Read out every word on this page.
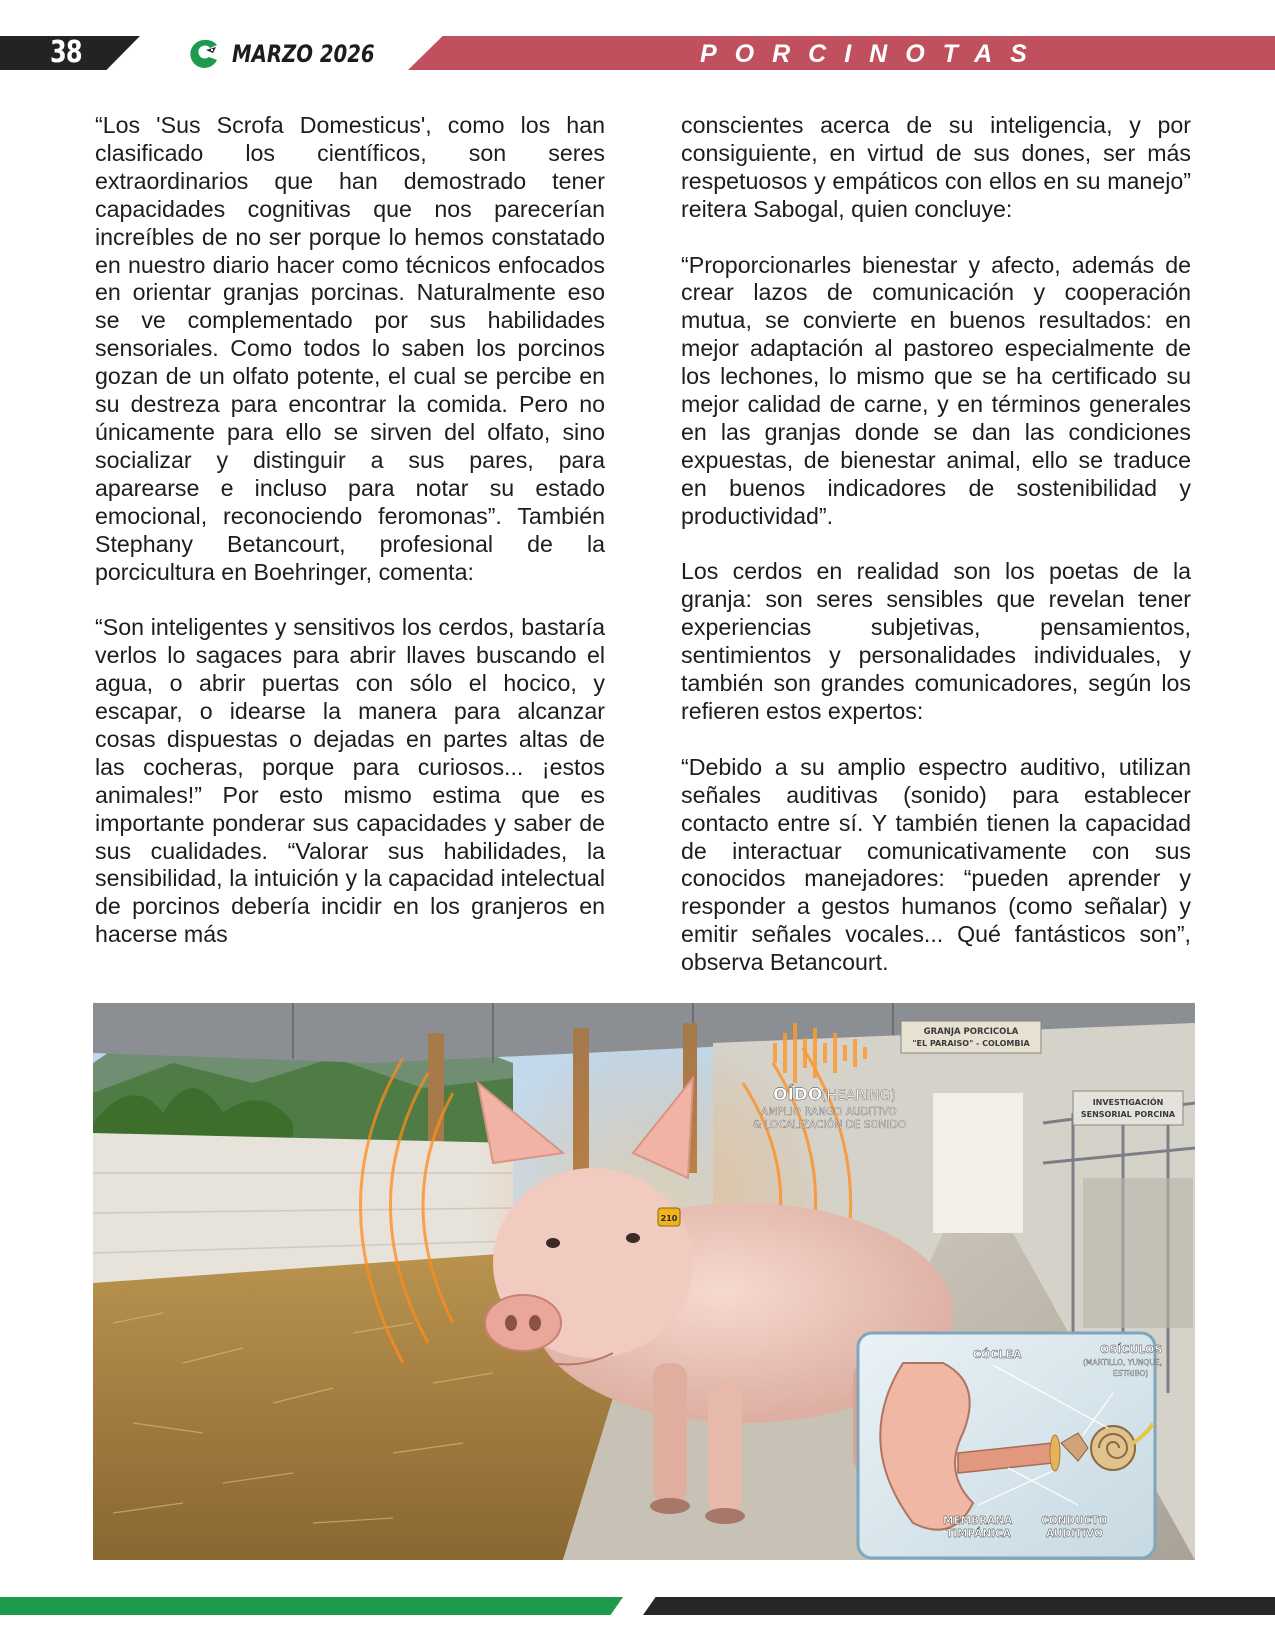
38	MARZO 2026	PORCINOTAS

“Los 'Sus Scrofa Domesticus', como los han clasificado los científicos, son seres extraordinarios que han demostrado tener capacidades cognitivas que nos parecerían increíbles de no ser porque lo hemos constatado en nuestro diario hacer como técnicos enfocados en orientar granjas porcinas. Naturalmente eso se ve complementado por sus habilidades sensoriales. Como todos lo saben los porcinos gozan de un olfato potente, el cual se percibe en su destreza para encontrar la comida. Pero no únicamente para ello se sirven del olfato, sino socializar y distinguir a sus pares, para aparearse e incluso para notar su estado emocional, reconociendo feromonas”. También Stephany Betancourt, profesional de la porcicultura en Boehringer, comenta:

“Son inteligentes y sensitivos los cerdos, bastaría verlos lo sagaces para abrir llaves buscando el agua, o abrir puertas con sólo el hocico, y escapar, o idearse la manera para alcanzar cosas dispuestas o dejadas en partes altas de las cocheras, porque para curiosos... ¡estos animales!” Por esto mismo estima que es importante ponderar sus capacidades y saber de sus cualidades. “Valorar sus habilidades, la sensibilidad, la intuición y la capacidad intelectual de porcinos debería incidir en los granjeros en hacerse más

conscientes acerca de su inteligencia, y por consiguiente, en virtud de sus dones, ser más respetuosos y empáticos con ellos en su manejo” reitera Sabogal, quien concluye:

“Proporcionarles bienestar y afecto, además de crear lazos de comunicación y cooperación mutua, se convierte en buenos resultados: en mejor adaptación al pastoreo especialmente de los lechones, lo mismo que se ha certificado su mejor calidad de carne, y en términos generales en las granjas donde se dan las condiciones expuestas, de bienestar animal, ello se traduce en buenos indicadores de sostenibilidad y productividad”.

Los cerdos en realidad son los poetas de la granja: son seres sensibles que revelan tener experiencias subjetivas, pensamientos, sentimientos y personalidades individuales, y también son grandes comunicadores, según los refieren estos expertos:

“Debido a su amplio espectro auditivo, utilizan señales auditivas (sonido) para establecer contacto entre sí. Y también tienen la capacidad de interactuar comunicativamente con sus conocidos manejadores: “pueden aprender y responder a gestos humanos (como señalar) y emitir señales vocales... Qué fantásticos son”, observa Betancourt.

GRANJA PORCICOLA
"EL PARAISO" - COLOMBIA
INVESTIGACIÓN
SENSORIAL PORCINA
OÍDO
(HEARING)
AMPLIO RANGO AUDITIVO
& LOCALIZACIÓN DE SONIDO
210
CÓCLEA	OSÍCULOS
(MARTILLO, YUNQUE,
ESTRIBO)
MEMBRANA
TIMPÁNICA
CONDUCTO
AUDITIVO
